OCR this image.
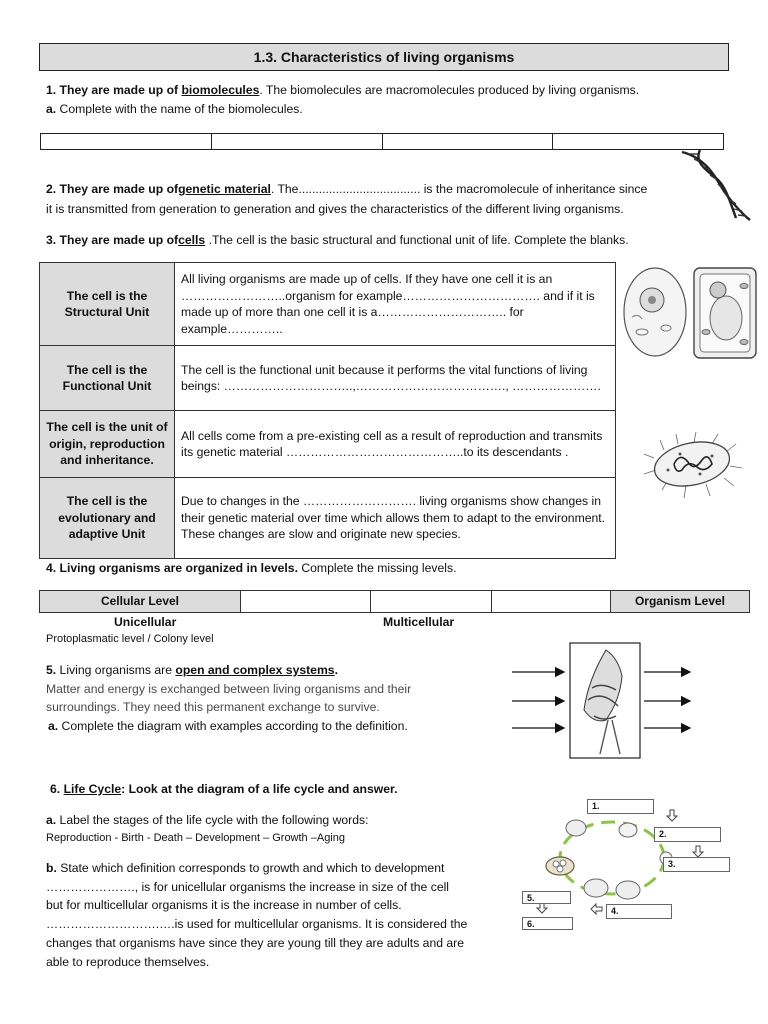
1.3. Characteristics of living organisms
1. They are made up of biomolecules. The biomolecules are macromolecules produced by living organisms.
a. Complete with the name of the biomolecules.
2. They are made up ofgenetic material. The.................................... is the macromolecule of inheritance since
it is transmitted from generation to generation and gives the characteristics of the different living organisms.
3. They are made up ofcells .The cell is the basic structural and functional unit of life. Complete the blanks.
The cell is the Structural Unit	All living organisms are made up of cells. If they have one cell it is an ……………………..organism for example……………………………. and if it is made up of more than one cell it is a………………………….. for example…………..
The cell is the Functional Unit	The cell is the functional unit because it performs the vital functions of living beings: …………………………..,………………………………., ………………….
The cell is the unit of origin, reproduction and inheritance.	All cells come from a pre-existing cell as a result of reproduction and transmits its genetic material ……………………………………..to its descendants .
The cell is the evolutionary and adaptive Unit	Due to changes in the ………………………. living organisms show changes in their genetic material over time which allows them to adapt to the environment. These changes are slow and originate new species.
4. Living organisms are organized in levels. Complete the missing levels.
Cellular Level				Organism Level
Unicellular	Multicellular
Protoplasmatic level / Colony level
5. Living organisms are open and complex systems.
Matter and energy is exchanged between living organisms and their
surroundings. They need this permanent exchange to survive.
a. Complete the diagram with examples according to the definition.
6. Life Cycle: Look at the diagram of a life cycle and answer.
a. Label the stages of the life cycle with the following words:
Reproduction - Birth - Death – Development – Growth –Aging
b. State which definition corresponds to growth and which to development
…………………., is for unicellular organisms the increase in size of the cell
but for multicellular organisms it is the increase in number of cells.
……………………….….is used for multicellular organisms. It is considered the
changes that organisms have since they are young till they are adults and are
able to reproduce themselves.
1.
2.
3.
4.
5.
6.
